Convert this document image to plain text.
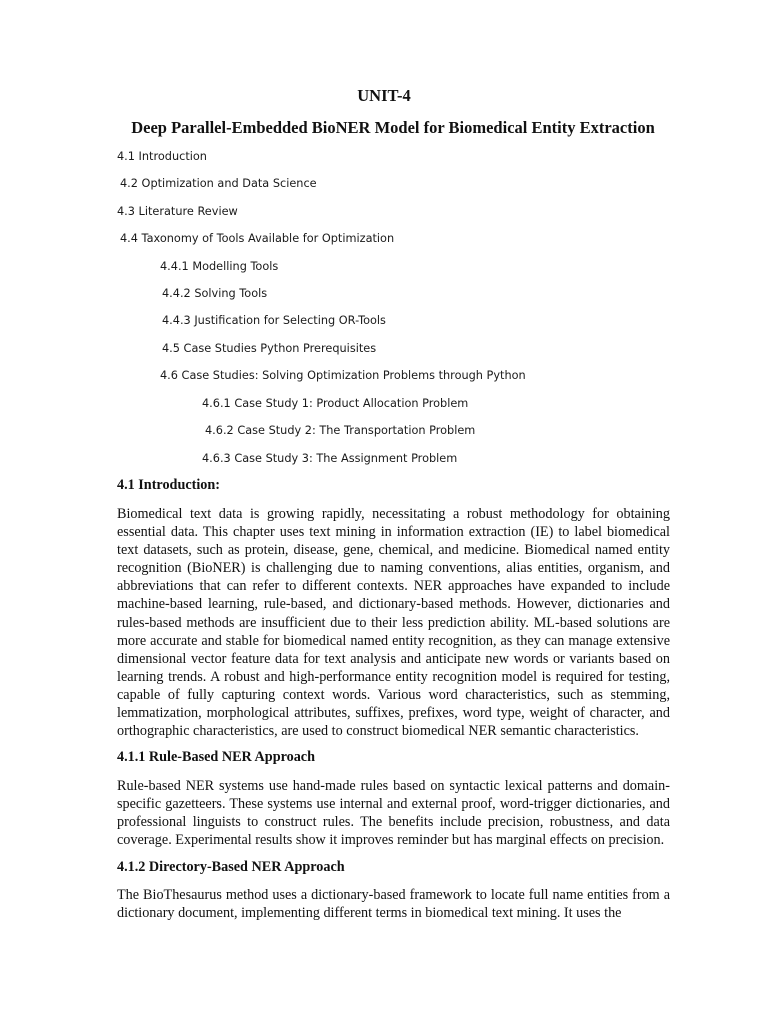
UNIT-4
Deep Parallel-Embedded BioNER Model for Biomedical Entity Extraction
4.1 Introduction
4.2 Optimization and Data Science
4.3 Literature Review
4.4 Taxonomy of Tools Available for Optimization
4.4.1 Modelling Tools
4.4.2 Solving Tools
4.4.3 Justification for Selecting OR-Tools
4.5 Case Studies Python Prerequisites
4.6 Case Studies: Solving Optimization Problems through Python
4.6.1 Case Study 1: Product Allocation Problem
4.6.2 Case Study 2: The Transportation Problem
4.6.3 Case Study 3: The Assignment Problem
4.1 Introduction:

Biomedical text data is growing rapidly, necessitating a robust methodology for obtaining essential data. This chapter uses text mining in information extraction (IE) to label biomedical text datasets, such as protein, disease, gene, chemical, and medicine. Biomedical named entity recognition (BioNER) is challenging due to naming conventions, alias entities, organism, and abbreviations that can refer to different contexts. NER approaches have expanded to include machine-based learning, rule-based, and dictionary-based methods. However, dictionaries and rules-based methods are insufficient due to their less prediction ability. ML-based solutions are more accurate and stable for biomedical named entity recognition, as they can manage extensive dimensional vector feature data for text analysis and anticipate new words or variants based on learning trends. A robust and high-performance entity recognition model is required for testing, capable of fully capturing context words. Various word characteristics, such as stemming, lemmatization, morphological attributes, suffixes, prefixes, word type, weight of character, and orthographic characteristics, are used to construct biomedical NER semantic characteristics.

4.1.1 Rule-Based NER Approach

Rule-based NER systems use hand-made rules based on syntactic lexical patterns and domain-specific gazetteers. These systems use internal and external proof, word-trigger dictionaries, and professional linguists to construct rules. The benefits include precision, robustness, and data coverage. Experimental results show it improves reminder but has marginal effects on precision.

4.1.2 Directory-Based NER Approach

The BioThesaurus method uses a dictionary-based framework to locate full name entities from a dictionary document, implementing different terms in biomedical text mining. It uses the
